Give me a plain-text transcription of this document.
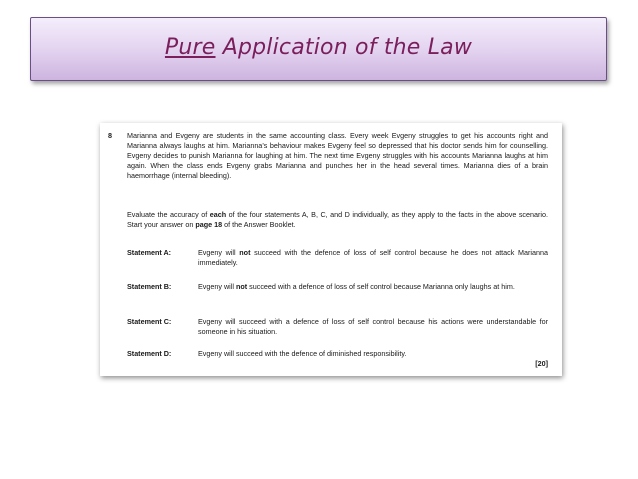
Pure Application of the Law
8 Marianna and Evgeny are students in the same accounting class. Every week Evgeny struggles to get his accounts right and Marianna always laughs at him. Marianna’s behaviour makes Evgeny feel so depressed that his doctor sends him for counselling. Evgeny decides to punish Marianna for laughing at him. The next time Evgeny struggles with his accounts Marianna laughs at him again. When the class ends Evgeny grabs Marianna and punches her in the head several times. Marianna dies of a brain haemorrhage (internal bleeding).
Evaluate the accuracy of each of the four statements A, B, C, and D individually, as they apply to the facts in the above scenario. Start your answer on page 18 of the Answer Booklet.
Statement A:	Evgeny will not succeed with the defence of loss of self control because he does not attack Marianna immediately.
Statement B:	Evgeny will not succeed with a defence of loss of self control because Marianna only laughs at him.
Statement C:	Evgeny will succeed with a defence of loss of self control because his actions were understandable for someone in his situation.
Statement D:	Evgeny will succeed with the defence of diminished responsibility.
[20]
